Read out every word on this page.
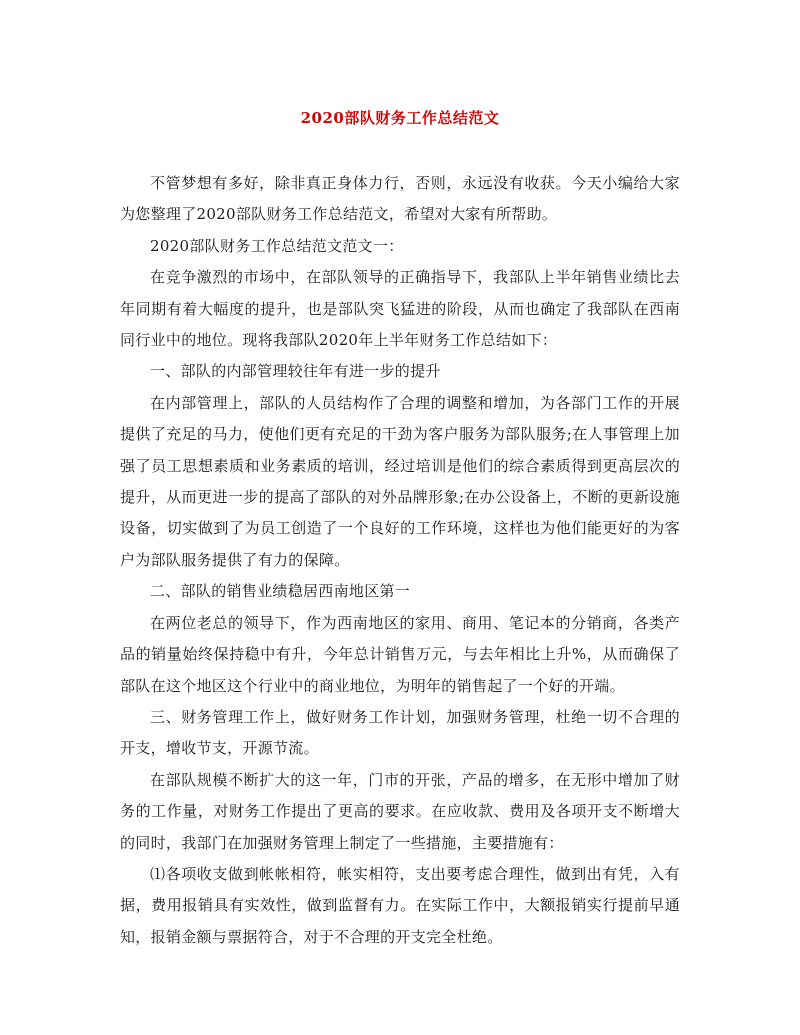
2020部队财务工作总结范文

不管梦想有多好，除非真正身体力行，否则，永远没有收获。今天小编给大家为您整理了2020部队财务工作总结范文，希望对大家有所帮助。

2020部队财务工作总结范文范文一：

在竞争激烈的市场中，在部队领导的正确指导下，我部队上半年销售业绩比去年同期有着大幅度的提升，也是部队突飞猛进的阶段，从而也确定了我部队在西南同行业中的地位。现将我部队2020年上半年财务工作总结如下：

一、部队的内部管理较往年有进一步的提升

在内部管理上，部队的人员结构作了合理的调整和增加，为各部门工作的开展提供了充足的马力，使他们更有充足的干劲为客户服务为部队服务;在人事管理上加强了员工思想素质和业务素质的培训，经过培训是他们的综合素质得到更高层次的提升，从而更进一步的提高了部队的对外品牌形象;在办公设备上，不断的更新设施设备，切实做到了为员工创造了一个良好的工作环境，这样也为他们能更好的为客户为部队服务提供了有力的保障。

二、部队的销售业绩稳居西南地区第一

在两位老总的领导下，作为西南地区的家用、商用、笔记本的分销商，各类产品的销量始终保持稳中有升，今年总计销售万元，与去年相比上升%，从而确保了部队在这个地区这个行业中的商业地位，为明年的销售起了一个好的开端。

三、财务管理工作上，做好财务工作计划，加强财务管理，杜绝一切不合理的开支，增收节支，开源节流。

在部队规模不断扩大的这一年，门市的开张，产品的增多，在无形中增加了财务的工作量，对财务工作提出了更高的要求。在应收款、费用及各项开支不断增大的同时，我部门在加强财务管理上制定了一些措施，主要措施有：

⑴各项收支做到帐帐相符，帐实相符，支出要考虑合理性，做到出有凭，入有据，费用报销具有实效性，做到监督有力。在实际工作中，大额报销实行提前早通知，报销金额与票据符合，对于不合理的开支完全杜绝。
